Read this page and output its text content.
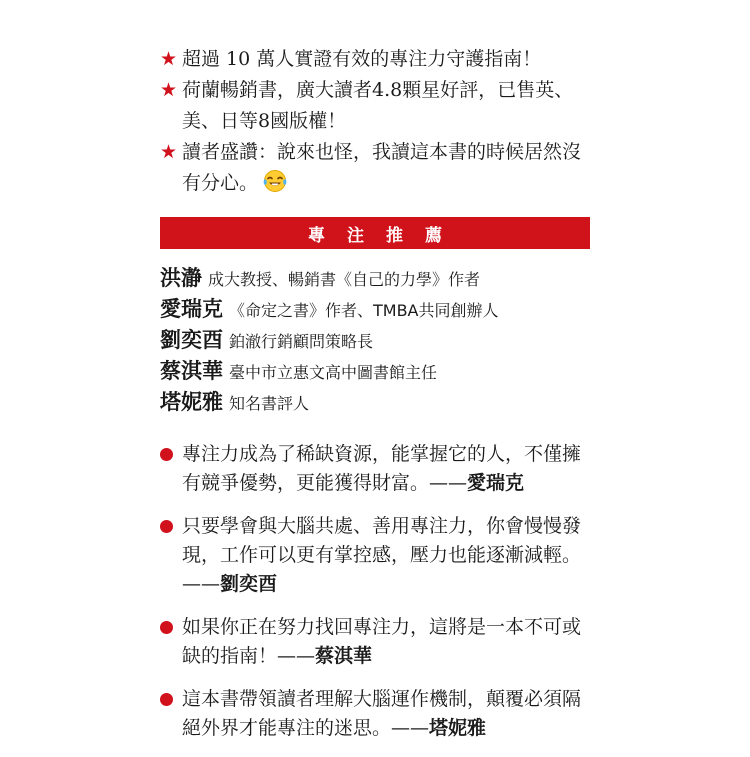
★ 超過 10 萬人實證有效的專注力守護指南！
★ 荷蘭暢銷書，廣大讀者4.8顆星好評，已售英、美、日等8國版權！
★ 讀者盛讚：說來也怪，我讀這本書的時候居然沒有分心。
專注推薦
洪瀞 成大教授、暢銷書《自己的力學》作者
愛瑞克 《命定之書》作者、TMBA共同創辦人
劉奕酉 鉑澈行銷顧問策略長
蔡淇華 臺中市立惠文高中圖書館主任
塔妮雅 知名書評人
專注力成為了稀缺資源，能掌握它的人，不僅擁有競爭優勢，更能獲得財富。——愛瑞克
只要學會與大腦共處、善用專注力，你會慢慢發現，工作可以更有掌控感，壓力也能逐漸減輕。——劉奕酉
如果你正在努力找回專注力，這將是一本不可或缺的指南！——蔡淇華
這本書帶領讀者理解大腦運作機制，顛覆必須隔絕外界才能專注的迷思。——塔妮雅
